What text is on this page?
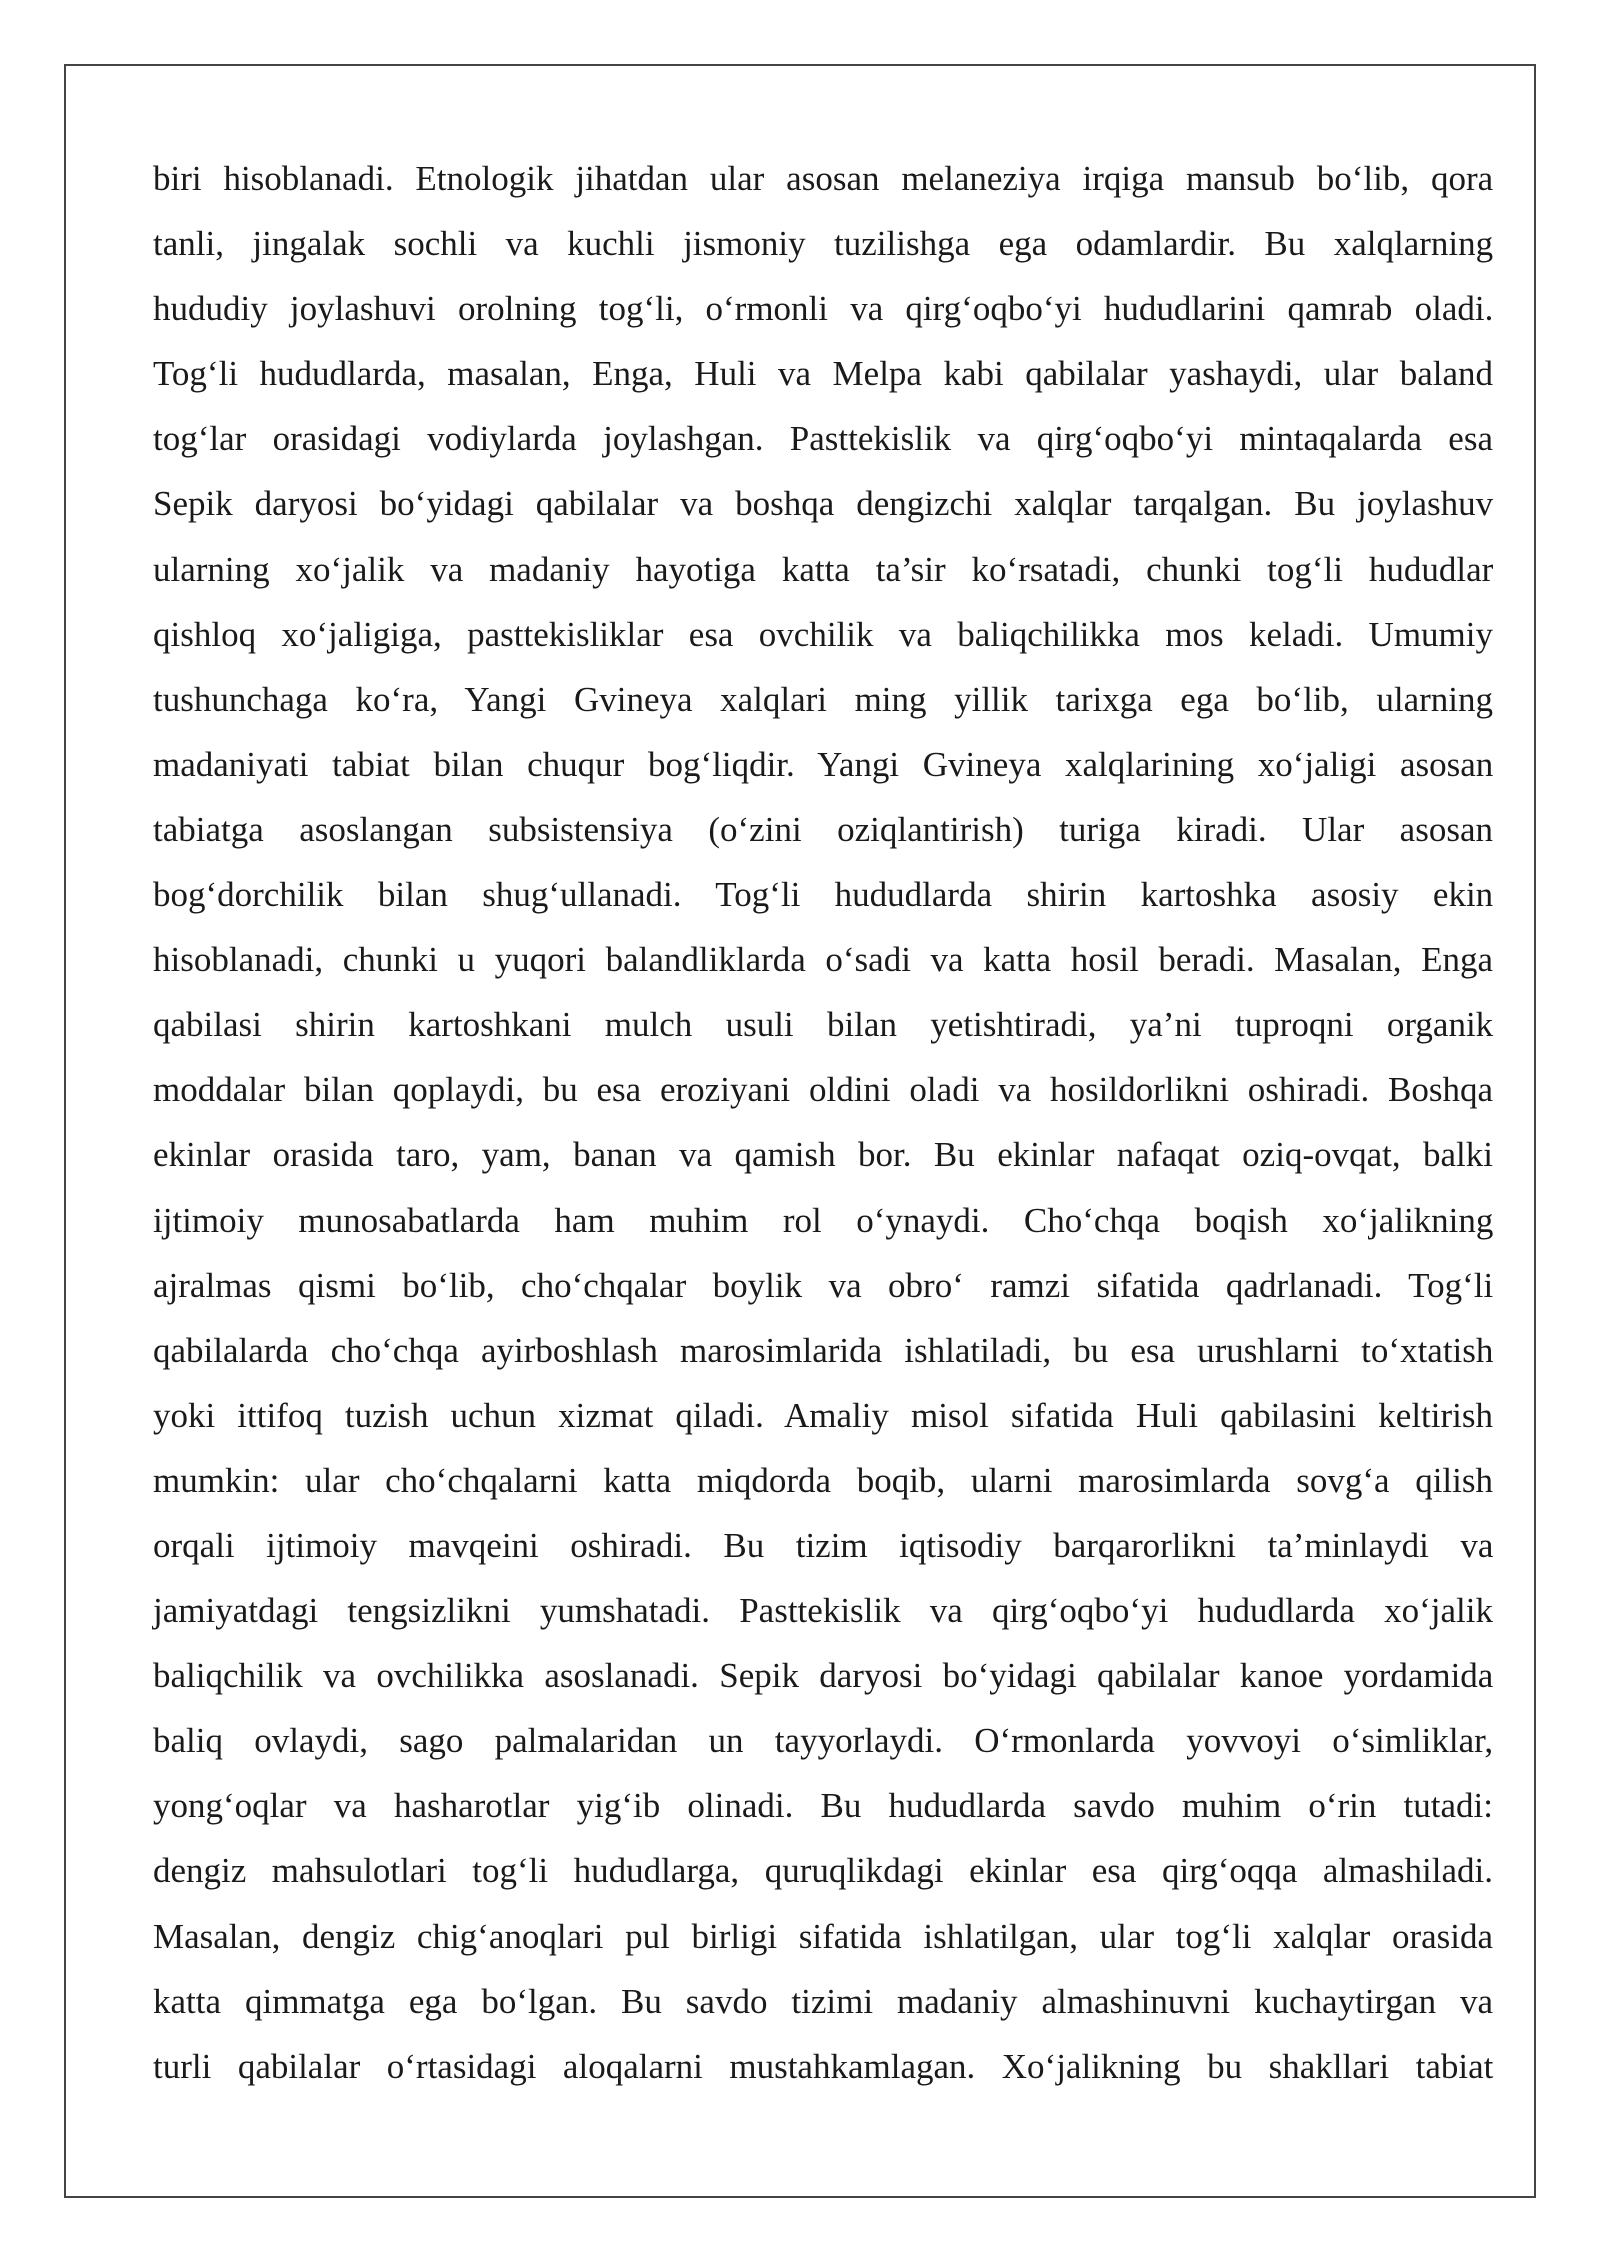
biri hisoblanadi. Etnologik jihatdan ular asosan melaneziya irqiga mansub bo‘lib, qora
tanli, jingalak sochli va kuchli jismoniy tuzilishga ega odamlardir. Bu xalqlarning
hududiy joylashuvi orolning tog‘li, o‘rmonli va qirg‘oqbo‘yi hududlarini qamrab oladi.
Tog‘li hududlarda, masalan, Enga, Huli va Melpa kabi qabilalar yashaydi, ular baland
tog‘lar orasidagi vodiylarda joylashgan. Pasttekislik va qirg‘oqbo‘yi mintaqalarda esa
Sepik daryosi bo‘yidagi qabilalar va boshqa dengizchi xalqlar tarqalgan. Bu joylashuv
ularning xo‘jalik va madaniy hayotiga katta ta’sir ko‘rsatadi, chunki tog‘li hududlar
qishloq xo‘jaligiga, pasttekisliklar esa ovchilik va baliqchilikka mos keladi. Umumiy
tushunchaga ko‘ra, Yangi Gvineya xalqlari ming yillik tarixga ega bo‘lib, ularning
madaniyati tabiat bilan chuqur bog‘liqdir. Yangi Gvineya xalqlarining xo‘jaligi asosan
tabiatga asoslangan subsistensiya (o‘zini oziqlantirish) turiga kiradi. Ular asosan
bog‘dorchilik bilan shug‘ullanadi. Tog‘li hududlarda shirin kartoshka asosiy ekin
hisoblanadi, chunki u yuqori balandliklarda o‘sadi va katta hosil beradi. Masalan, Enga
qabilasi shirin kartoshkani mulch usuli bilan yetishtiradi, ya’ni tuproqni organik
moddalar bilan qoplaydi, bu esa eroziyani oldini oladi va hosildorlikni oshiradi. Boshqa
ekinlar orasida taro, yam, banan va qamish bor. Bu ekinlar nafaqat oziq-ovqat, balki
ijtimoiy munosabatlarda ham muhim rol o‘ynaydi. Cho‘chqa boqish xo‘jalikning
ajralmas qismi bo‘lib, cho‘chqalar boylik va obro‘ ramzi sifatida qadrlanadi. Tog‘li
qabilalarda cho‘chqa ayirboshlash marosimlarida ishlatiladi, bu esa urushlarni to‘xtatish
yoki ittifoq tuzish uchun xizmat qiladi. Amaliy misol sifatida Huli qabilasini keltirish
mumkin: ular cho‘chqalarni katta miqdorda boqib, ularni marosimlarda sovg‘a qilish
orqali ijtimoiy mavqeini oshiradi. Bu tizim iqtisodiy barqarorlikni ta’minlaydi va
jamiyatdagi tengsizlikni yumshatadi. Pasttekislik va qirg‘oqbo‘yi hududlarda xo‘jalik
baliqchilik va ovchilikka asoslanadi. Sepik daryosi bo‘yidagi qabilalar kanoe yordamida
baliq ovlaydi, sago palmalaridan un tayyorlaydi. O‘rmonlarda yovvoyi o‘simliklar,
yong‘oqlar va hasharotlar yig‘ib olinadi. Bu hududlarda savdo muhim o‘rin tutadi:
dengiz mahsulotlari tog‘li hududlarga, quruqlikdagi ekinlar esa qirg‘oqqa almashiladi.
Masalan, dengiz chig‘anoqlari pul birligi sifatida ishlatilgan, ular tog‘li xalqlar orasida
katta qimmatga ega bo‘lgan. Bu savdo tizimi madaniy almashinuvni kuchaytirgan va
turli qabilalar o‘rtasidagi aloqalarni mustahkamlagan. Xo‘jalikning bu shakllari tabiat
